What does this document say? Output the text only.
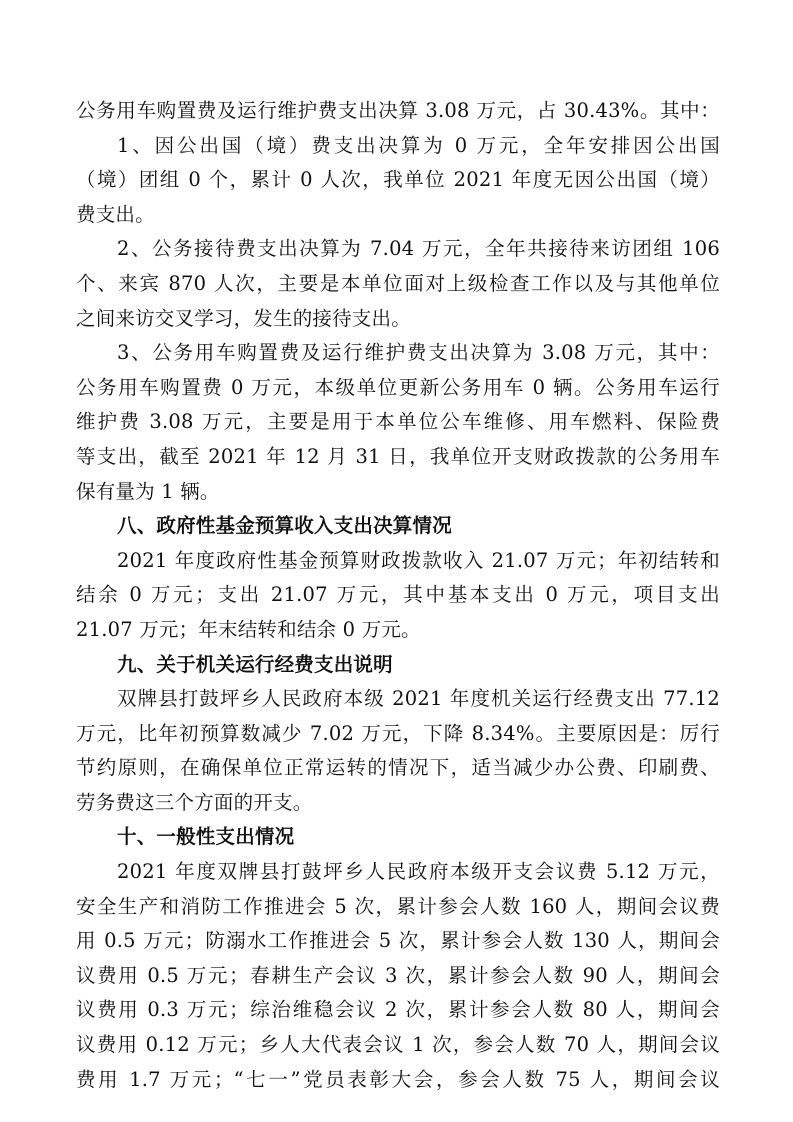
公务用车购置费及运行维护费支出决算 3.08 万元，占 30.43%。其中：
1、因公出国（境）费支出决算为 0 万元，全年安排因公出国
（境）团组 0 个，累计 0 人次，我单位 2021 年度无因公出国（境）
费支出。
2、公务接待费支出决算为 7.04 万元，全年共接待来访团组 106
个、来宾 870 人次，主要是本单位面对上级检查工作以及与其他单位
之间来访交叉学习，发生的接待支出。
3、公务用车购置费及运行维护费支出决算为 3.08 万元，其中：
公务用车购置费 0 万元，本级单位更新公务用车 0 辆。公务用车运行
维护费 3.08 万元，主要是用于本单位公车维修、用车燃料、保险费
等支出，截至 2021 年 12 月 31 日，我单位开支财政拨款的公务用车
保有量为 1 辆。
八、政府性基金预算收入支出决算情况
2021 年度政府性基金预算财政拨款收入 21.07 万元；年初结转和
结余 0 万元；支出 21.07 万元，其中基本支出 0 万元，项目支出
21.07 万元；年末结转和结余 0 万元。
九、关于机关运行经费支出说明
双牌县打鼓坪乡人民政府本级 2021 年度机关运行经费支出 77.12
万元，比年初预算数减少 7.02 万元，下降 8.34%。主要原因是：厉行
节约原则，在确保单位正常运转的情况下，适当减少办公费、印刷费、
劳务费这三个方面的开支。
十、一般性支出情况
2021 年度双牌县打鼓坪乡人民政府本级开支会议费 5.12 万元，
安全生产和消防工作推进会 5 次，累计参会人数 160 人，期间会议费
用 0.5 万元；防溺水工作推进会 5 次，累计参会人数 130 人，期间会
议费用 0.5 万元；春耕生产会议 3 次，累计参会人数 90 人，期间会
议费用 0.3 万元；综治维稳会议 2 次，累计参会人数 80 人，期间会
议费用 0.12 万元；乡人大代表会议 1 次，参会人数 70 人，期间会议
费用 1.7 万元；“七一”党员表彰大会，参会人数 75 人，期间会议
